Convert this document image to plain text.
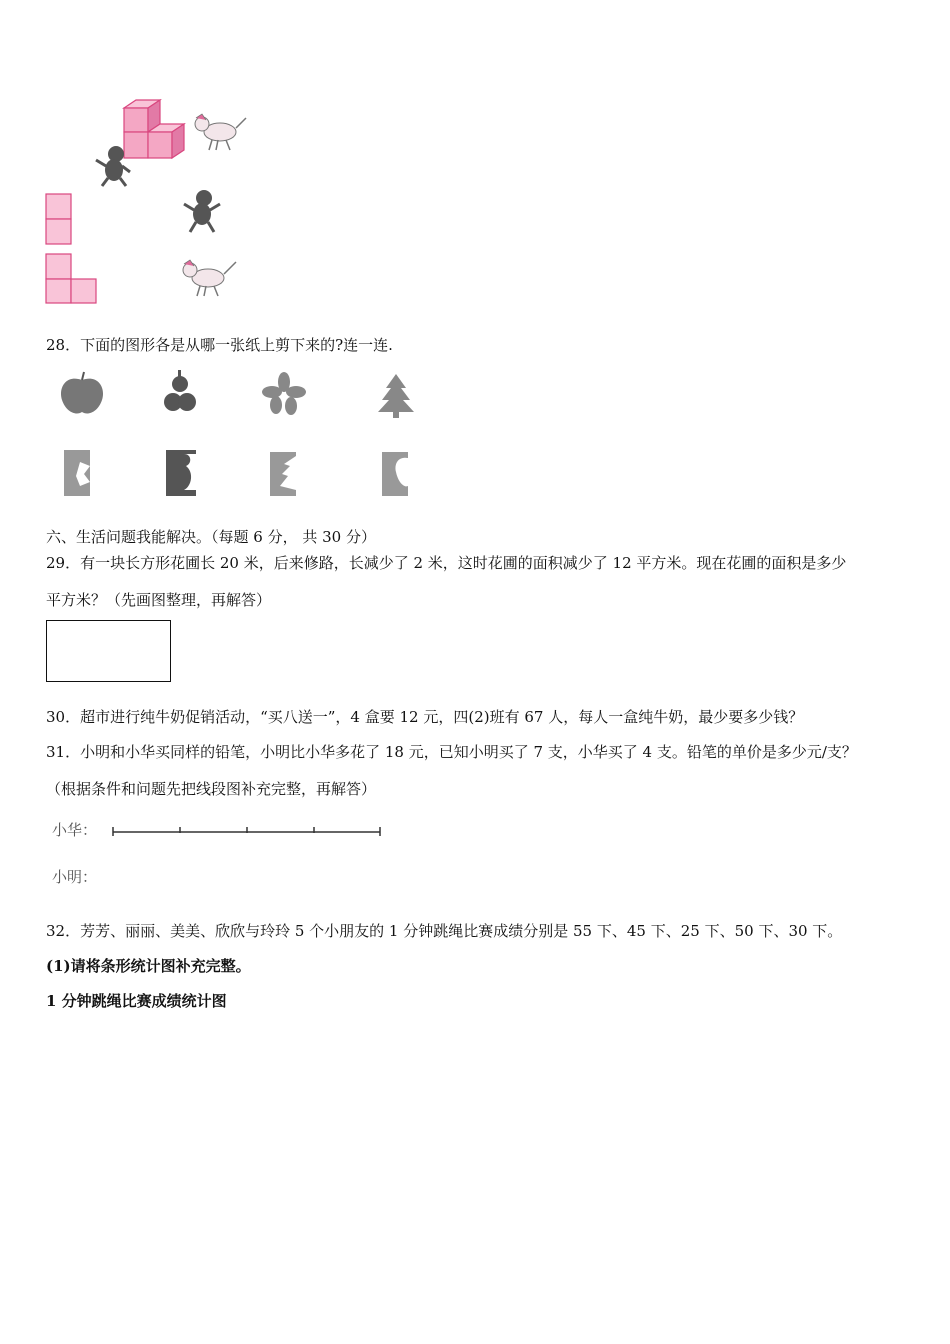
28．下面的图形各是从哪一张纸上剪下来的?连一连.
六、生活问题我能解决。（每题 6 分， 共 30 分）
29．有一块长方形花圃长 20 米，后来修路，长减少了 2 米，这时花圃的面积减少了 12 平方米。现在花圃的面积是多少
平方米？（先画图整理，再解答）
30．超市进行纯牛奶促销活动，“买八送一”，4 盒要 12 元，四(2)班有 67 人，每人一盒纯牛奶，最少要多少钱？
31．小明和小华买同样的铅笔，小明比小华多花了 18 元，已知小明买了 7 支，小华买了 4 支。铅笔的单价是多少元/支？
（根据条件和问题先把线段图补充完整，再解答）
小华：
小明：
32．芳芳、丽丽、美美、欣欣与玲玲 5 个小朋友的 1 分钟跳绳比赛成绩分别是 55 下、45 下、25 下、50 下、30 下。
(1)请将条形统计图补充完整。
1 分钟跳绳比赛成绩统计图
